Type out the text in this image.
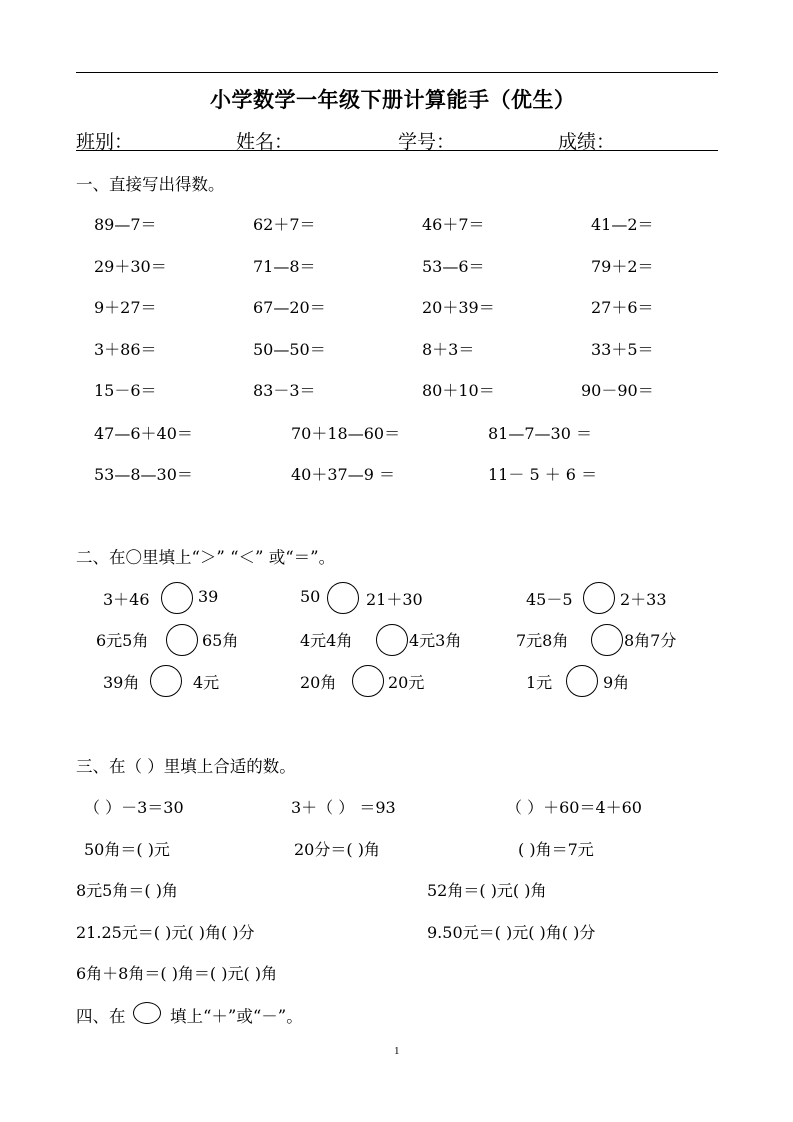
小学数学一年级下册计算能手（优生）
班别：	姓名：	学号：	成绩：
一、直接写出得数。
89—7＝	62＋7＝	46＋7＝	41—2＝
29＋30＝	71—8＝	53—6＝	79＋2＝
9＋27＝	67—20＝	20＋39＝	27＋6＝
3＋86＝	50—50＝	8＋3＝	33＋5＝
15－6＝	83－3＝	80＋10＝	90－90＝
47—6＋40＝	70＋18—60＝	81—7—30 ＝
53—8—30＝	40＋37—9 ＝	11－ 5 ＋ 6 ＝
二、在〇里填上“＞” “＜” 或“＝”。
3＋46	39	50	21＋30	45－5	2＋33
6元5角	65角	4元4角	4元3角	7元8角	8角7分
39角	4元	20角	20元	1元	9角
三、在（ ）里填上合适的数。
（ ）－3＝30	3＋（ ） ＝93	（ ）＋60＝4＋60
50角＝( )元	20分＝( )角	( )角＝7元
8元5角＝( )角	52角＝( )元( )角
21.25元＝( )元( )角( )分	9.50元＝( )元( )角( )分
6角＋8角＝( )角＝( )元( )角
四、在	填上“＋”或“－”。
1
